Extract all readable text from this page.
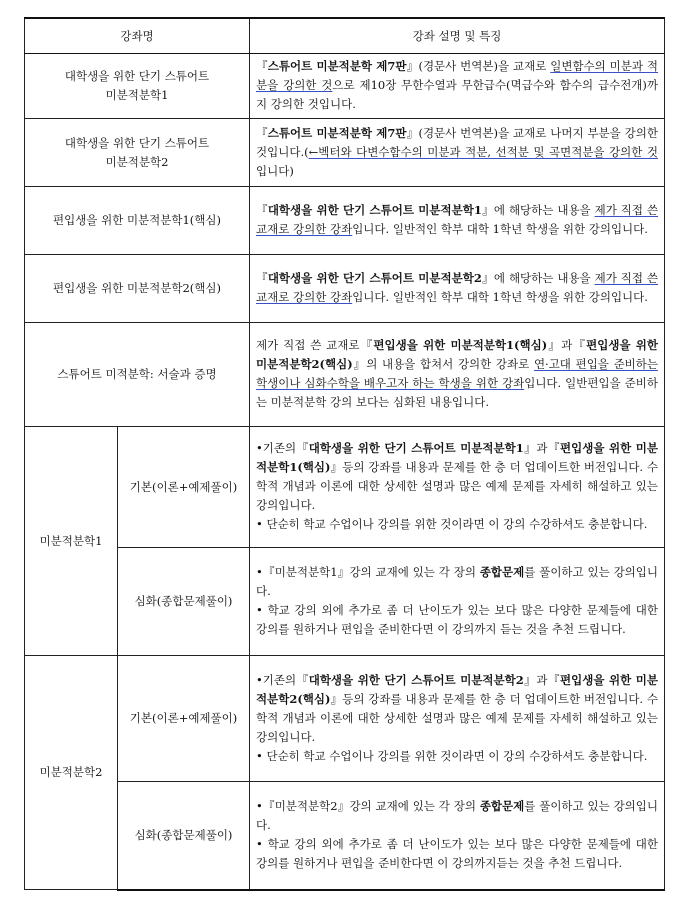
강좌명		강좌 설명 및 특징

대학생을 위한 단기 스튜어트
미분적분학1		『스튜어트 미분적분학 제7판』(경문사 번역본)을 교재로 일변함수의 미분과 적분을 강의한 것으로 제10장 무한수열과 무한급수(멱급수와 함수의 급수전개)까지 강의한 것입니다.

대학생을 위한 단기 스튜어트
미분적분학2		『스튜어트 미분적분학 제7판』(경문사 번역본)을 교재로 나머지 부분을 강의한 것입니다.(←벡터와 다변수함수의 미분과 적분, 선적분 및 곡면적분을 강의한 것입니다)
편입생을 위한 미분적분학1(핵심)		『대학생을 위한 단기 스튜어트 미분적분학1』에 해당하는 내용을 제가 직접 쓴 교재로 강의한 강좌입니다. 일반적인 학부 대학 1학년 학생을 위한 강의입니다.
편입생을 위한 미분적분학2(핵심)		『대학생을 위한 단기 스튜어트 미분적분학2』에 해당하는 내용을 제가 직접 쓴 교재로 강의한 강좌입니다. 일반적인 학부 대학 1학년 학생을 위한 강의입니다.
스튜어트 미적분학: 서술과 증명		제가 직접 쓴 교재로『편입생을 위한 미분적분학1(핵심)』과『편입생을 위한 미분적분학2(핵심)』의 내용을 합쳐서 강의한 강좌로 연·고대 편입을 준비하는 학생이나 심화수학을 배우고자 하는 학생을 위한 강좌입니다. 일반편입을 준비하는 미분적분학 강의 보다는 심화된 내용입니다.
미분적분학1	기본(이론+예제풀이)	•기존의『대학생을 위한 단기 스튜어트 미분적분학1』과『편입생을 위한 미분적분학1(핵심)』등의 강좌를 내용과 문제를 한 층 더 업데이트한 버전입니다. 수학적 개념과 이론에 대한 상세한 설명과 많은 예제 문제를 자세히 해설하고 있는 강의입니다.
• 단순히 학교 수업이나 강의를 위한 것이라면 이 강의 수강하셔도 충분합니다.

	심화(종합문제풀이)	•『미분적분학1』강의 교재에 있는 각 장의 종합문제를 풀이하고 있는 강의입니다.
• 학교 강의 외에 추가로 좀 더 난이도가 있는 보다 많은 다양한 문제들에 대한 강의를 원하거나 편입을 준비한다면 이 강의까지 듣는 것을 추천 드립니다.

미분적분학2	기본(이론+예제풀이)	•기존의『대학생을 위한 단기 스튜어트 미분적분학2』과『편입생을 위한 미분적분학2(핵심)』등의 강좌를 내용과 문제를 한 층 더 업데이트한 버전입니다. 수학적 개념과 이론에 대한 상세한 설명과 많은 예제 문제를 자세히 해설하고 있는 강의입니다.
• 단순히 학교 수업이나 강의를 위한 것이라면 이 강의 수강하셔도 충분합니다.

	심화(종합문제풀이)	•『미분적분학2』강의 교재에 있는 각 장의 종합문제를 풀이하고 있는 강의입니다.
• 학교 강의 외에 추가로 좀 더 난이도가 있는 보다 많은 다양한 문제들에 대한 강의를 원하거나 편입을 준비한다면 이 강의까지듣는 것을 추천 드립니다.
